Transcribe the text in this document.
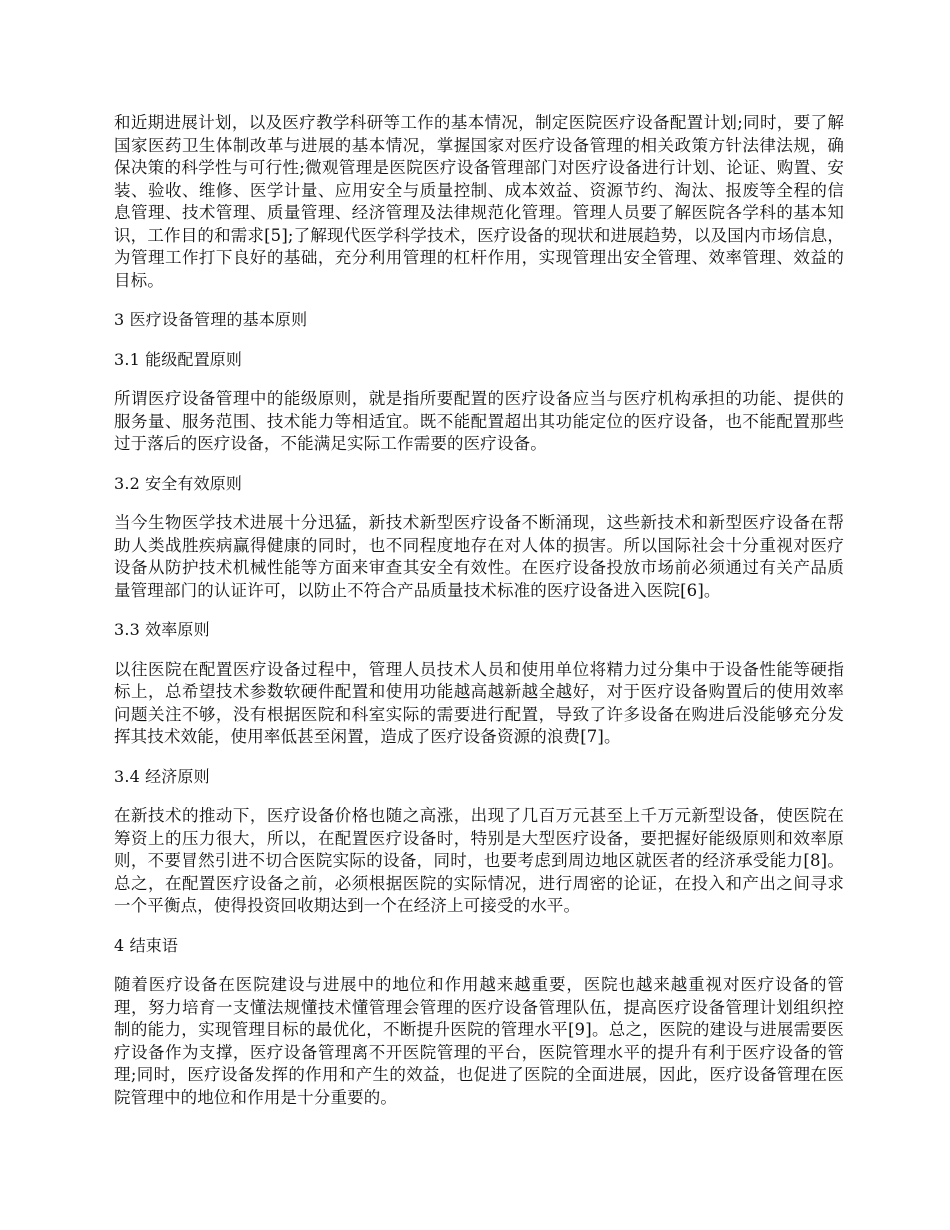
和近期进展计划，以及医疗教学科研等工作的基本情况，制定医院医疗设备配置计划;同时，要了解国家医药卫生体制改革与进展的基本情况，掌握国家对医疗设备管理的相关政策方针法律法规，确保决策的科学性与可行性;微观管理是医院医疗设备管理部门对医疗设备进行计划、论证、购置、安装、验收、维修、医学计量、应用安全与质量控制、成本效益、资源节约、淘汰、报废等全程的信息管理、技术管理、质量管理、经济管理及法律规范化管理。管理人员要了解医院各学科的基本知识，工作目的和需求[5];了解现代医学科学技术，医疗设备的现状和进展趋势，以及国内市场信息，为管理工作打下良好的基础，充分利用管理的杠杆作用，实现管理出安全管理、效率管理、效益的目标。

3 医疗设备管理的基本原则
3.1 能级配置原则

所谓医疗设备管理中的能级原则，就是指所要配置的医疗设备应当与医疗机构承担的功能、提供的服务量、服务范围、技术能力等相适宜。既不能配置超出其功能定位的医疗设备，也不能配置那些过于落后的医疗设备，不能满足实际工作需要的医疗设备。

3.2 安全有效原则

当今生物医学技术进展十分迅猛，新技术新型医疗设备不断涌现，这些新技术和新型医疗设备在帮助人类战胜疾病赢得健康的同时，也不同程度地存在对人体的损害。所以国际社会十分重视对医疗设备从防护技术机械性能等方面来审查其安全有效性。在医疗设备投放市场前必须通过有关产品质量管理部门的认证许可，以防止不符合产品质量技术标准的医疗设备进入医院[6]。

3.3 效率原则

以往医院在配置医疗设备过程中，管理人员技术人员和使用单位将精力过分集中于设备性能等硬指标上，总希望技术参数软硬件配置和使用功能越高越新越全越好，对于医疗设备购置后的使用效率问题关注不够，没有根据医院和科室实际的需要进行配置，导致了许多设备在购进后没能够充分发挥其技术效能，使用率低甚至闲置，造成了医疗设备资源的浪费[7]。

3.4 经济原则

在新技术的推动下，医疗设备价格也随之高涨，出现了几百万元甚至上千万元新型设备，使医院在筹资上的压力很大，所以，在配置医疗设备时，特别是大型医疗设备，要把握好能级原则和效率原则，不要冒然引进不切合医院实际的设备，同时，也要考虑到周边地区就医者的经济承受能力[8]。总之，在配置医疗设备之前，必须根据医院的实际情况，进行周密的论证，在投入和产出之间寻求一个平衡点，使得投资回收期达到一个在经济上可接受的水平。

4 结束语

随着医疗设备在医院建设与进展中的地位和作用越来越重要，医院也越来越重视对医疗设备的管理，努力培育一支懂法规懂技术懂管理会管理的医疗设备管理队伍，提高医疗设备管理计划组织控制的能力，实现管理目标的最优化，不断提升医院的管理水平[9]。总之，医院的建设与进展需要医疗设备作为支撑，医疗设备管理离不开医院管理的平台，医院管理水平的提升有利于医疗设备的管理;同时，医疗设备发挥的作用和产生的效益，也促进了医院的全面进展，因此，医疗设备管理在医院管理中的地位和作用是十分重要的。
